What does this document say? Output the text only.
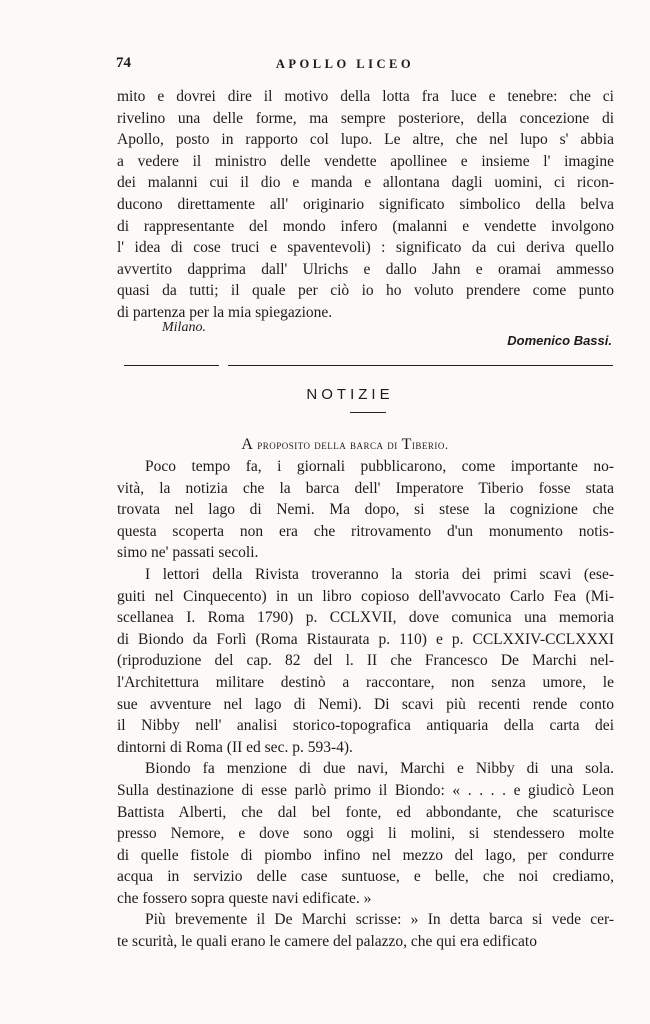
74	APOLLO LICEO
mito e dovrei dire il motivo della lotta fra luce e tenebre: che ci
rivelino una delle forme, ma sempre posteriore, della concezione di
Apollo, posto in rapporto col lupo. Le altre, che nel lupo s' abbia
a vedere il ministro delle vendette apollinee e insieme l' imagine
dei malanni cui il dio e manda e allontana dagli uomini, ci ricon-
ducono direttamente all' originario significato simbolico della belva
di rappresentante del mondo infero (malanni e vendette involgono
l' idea di cose truci e spaventevoli) : significato da cui deriva quello
avvertito dapprima dall' Ulrichs e dallo Jahn e oramai ammesso
quasi da tutti; il quale per ciò io ho voluto prendere come punto
di partenza per la mia spiegazione.
Milano.
Domenico Bassi.
NOTIZIE
A proposito della barca di Tiberio.
Poco tempo fa, i giornali pubblicarono, come importante no-
vità, la notizia che la barca dell' Imperatore Tiberio fosse stata
trovata nel lago di Nemi. Ma dopo, si stese la cognizione che
questa scoperta non era che ritrovamento d'un monumento notis-
simo ne' passati secoli.
I lettori della Rivista troveranno la storia dei primi scavi (ese-
guiti nel Cinquecento) in un libro copioso dell'avvocato Carlo Fea (Mi-
scellanea I. Roma 1790) p. CCLXVII, dove comunica una memoria
di Biondo da Forlì (Roma Ristaurata p. 110) e p. CCLXXIV-CCLXXXI
(riproduzione del cap. 82 del l. II che Francesco De Marchi nel-
l'Architettura militare destinò a raccontare, non senza umore, le
sue avventure nel lago di Nemi). Di scavi più recenti rende conto
il Nibby nell' analisi storico-topografica antiquaria della carta dei
dintorni di Roma (II ed sec. p. 593-4).
Biondo fa menzione di due navi, Marchi e Nibby di una sola.
Sulla destinazione di esse parlò primo il Biondo: « . . . . e giudicò Leon
Battista Alberti, che dal bel fonte, ed abbondante, che scaturisce
presso Nemore, e dove sono oggi li molini, si stendessero molte
di quelle fistole di piombo infino nel mezzo del lago, per condurre
acqua in servizio delle case suntuose, e belle, che noi crediamo,
che fossero sopra queste navi edificate. »
Più brevemente il De Marchi scrisse: » In detta barca si vede cer-
te scurità, le quali erano le camere del palazzo, che qui era edificato
